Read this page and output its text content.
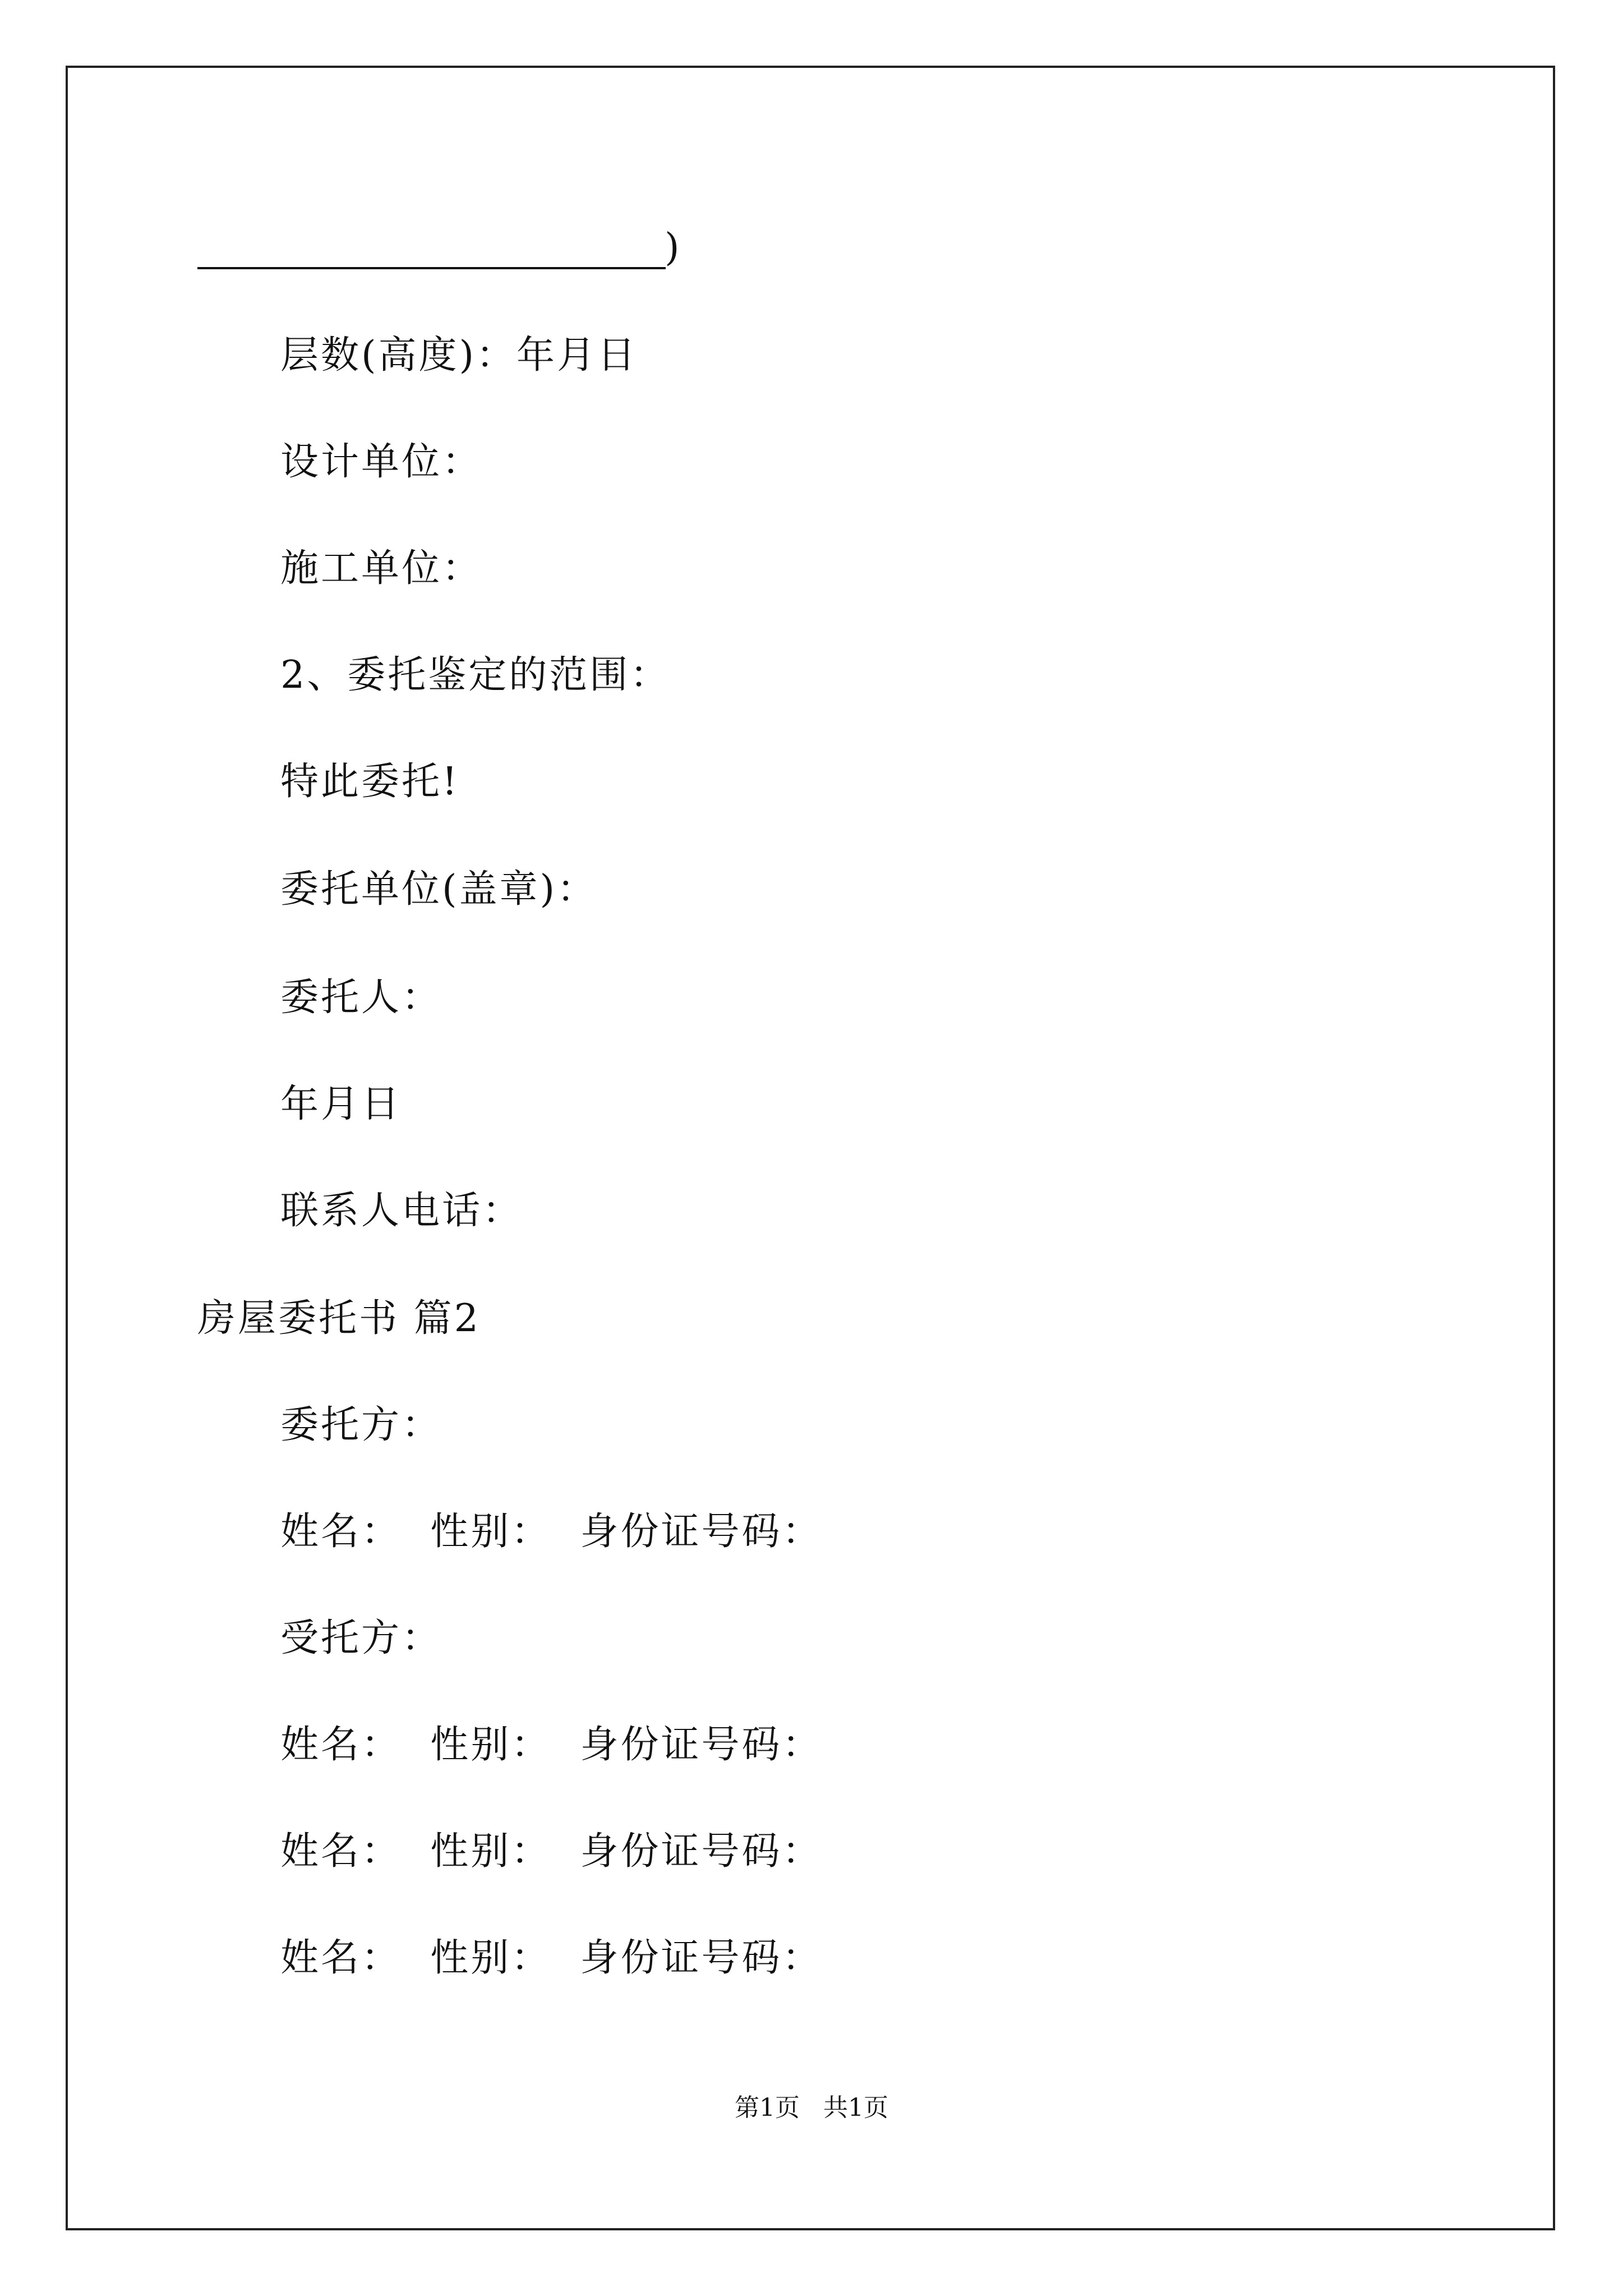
)
层数(高度)：年月日
设计单位：
施工单位：
2、委托鉴定的范围：
特此委托!
委托单位(盖章)：
委托人：
年月日
联系人电话：
房屋委托书 篇2
委托方：
姓名：  性别：  身份证号码：
受托方：
姓名：  性别：  身份证号码：
姓名：  性别：  身份证号码：
姓名：  性别：  身份证号码：
第1页   共1页
